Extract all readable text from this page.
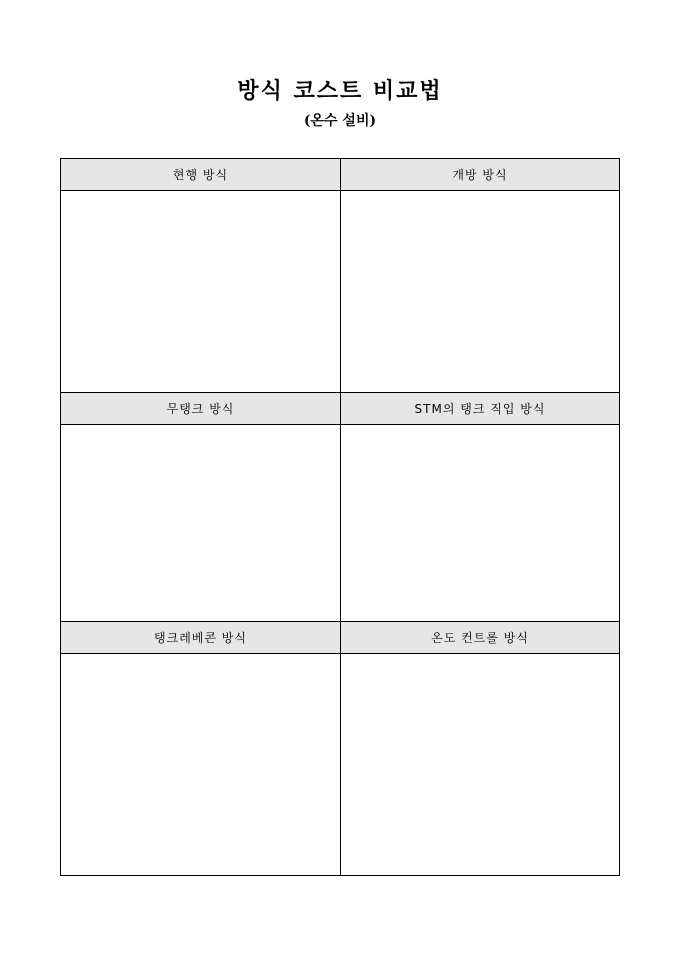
방식 코스트 비교법
(온수 설비)
현행 방식	개방 방식
무탱크 방식	STM의 탱크 직입 방식
탱크레베콘 방식	온도 컨트롤 방식
